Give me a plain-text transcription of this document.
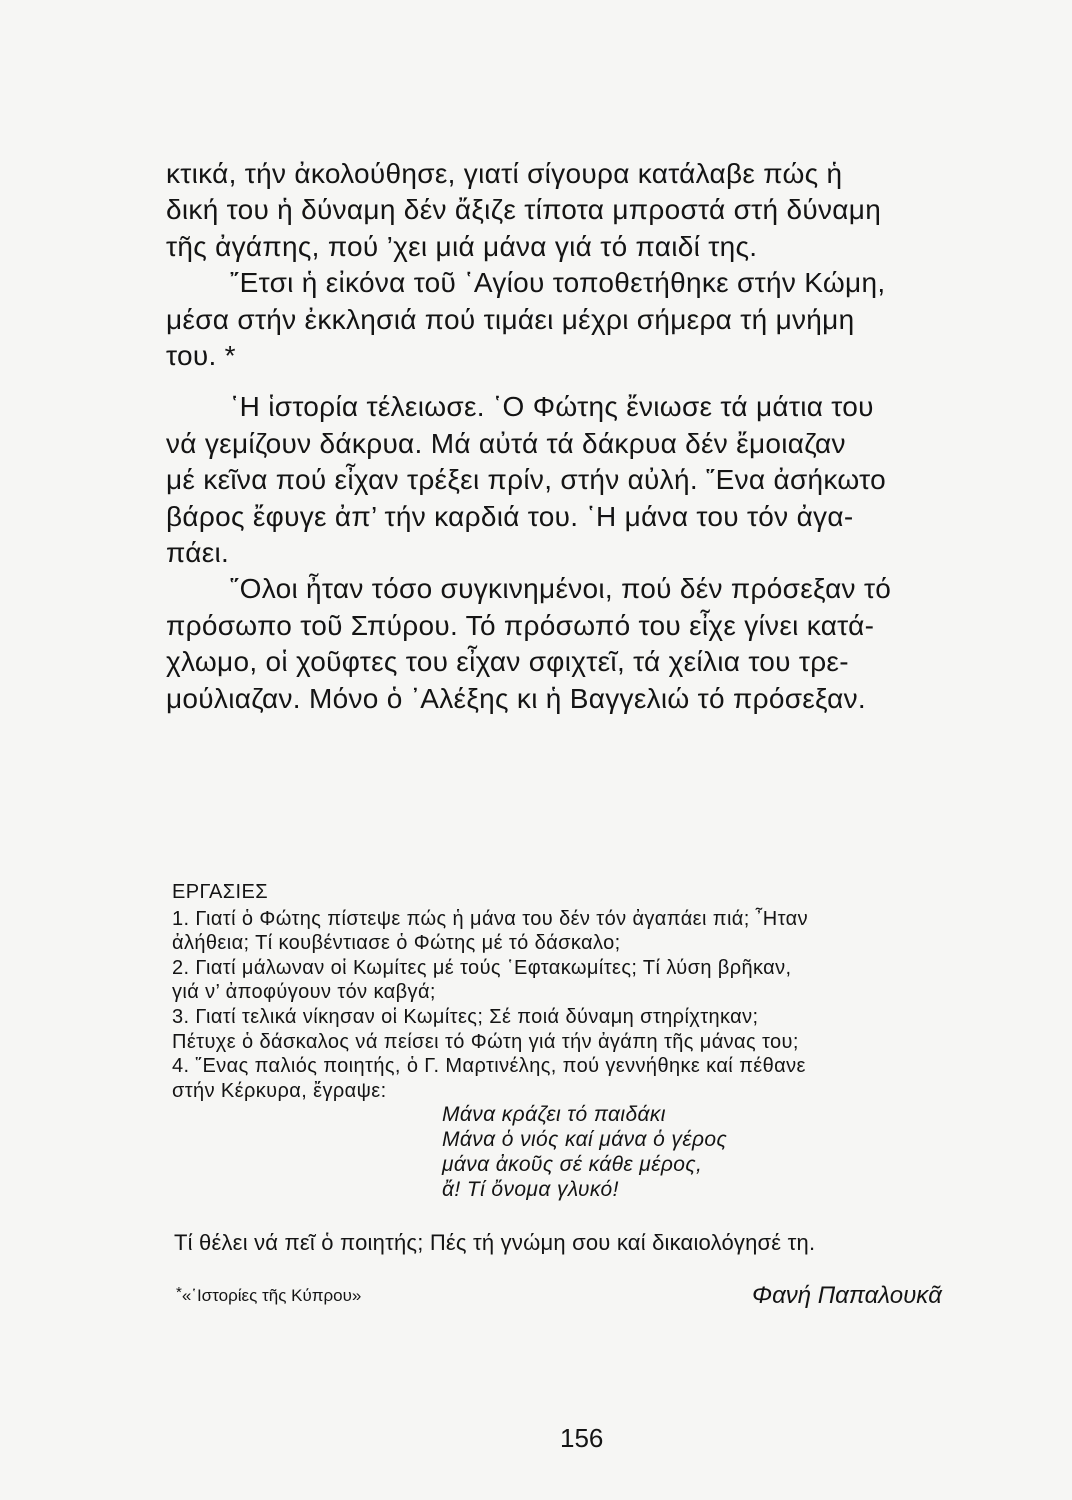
κτικά, τήν ἀκολούθησε, γιατί σίγουρα κατάλαβε πώς ἡ
δική του ἡ δύναμη δέν ἄξιζε τίποτα μπροστά στή δύναμη
τῆς ἀγάπης, πού ’χει μιά μάνα γιά τό παιδί της.
῎Ετσι ἡ εἰκόνα τοῦ ῾Αγίου τοποθετήθηκε στήν Κώμη,
μέσα στήν ἐκκλησιά πού τιμάει μέχρι σήμερα τή μνήμη
του. *
῾Η ἱστορία τέλειωσε. ῾Ο Φώτης ἔνιωσε τά μάτια του
νά γεμίζουν δάκρυα. Μά αὐτά τά δάκρυα δέν ἔμοιαζαν
μέ κεῖνα πού εἶχαν τρέξει πρίν, στήν αὐλή. ῞Ενα ἀσήκωτο
βάρος ἔφυγε ἀπ’ τήν καρδιά του. ῾Η μάνα του τόν ἀγα-
πάει.
῞Ολοι ἦταν τόσο συγκινημένοι, πού δέν πρόσεξαν τό
πρόσωπο τοῦ Σπύρου. Τό πρόσωπό του εἶχε γίνει κατά-
χλωμο, οἱ χοῦφτες του εἶχαν σφιχτεῖ, τά χείλια του τρε-
μούλιαζαν. Μόνο ὁ ᾿Αλέξης κι ἡ Βαγγελιώ τό πρόσεξαν.
ΕΡΓΑΣΙΕΣ
1. Γιατί ὁ Φώτης πίστεψε πώς ἡ μάνα του δέν τόν ἀγαπάει πιά; ῏Ηταν
ἀλήθεια; Τί κουβέντιασε ὁ Φώτης μέ τό δάσκαλο;
2. Γιατί μάλωναν οἱ Κωμίτες μέ τούς ῾Εφτακωμίτες; Τί λύση βρῆκαν,
γιά ν’ ἀποφύγουν τόν καβγά;
3. Γιατί τελικά νίκησαν οἱ Κωμίτες; Σέ ποιά δύναμη στηρίχτηκαν;
Πέτυχε ὁ δάσκαλος νά πείσει τό Φώτη γιά τήν ἀγάπη τῆς μάνας του;
4. ῞Ενας παλιός ποιητής, ὁ Γ. Μαρτινέλης, πού γεννήθηκε καί πέθανε
στήν Κέρκυρα, ἔγραψε:
Μάνα κράζει τό παιδάκι
Μάνα ὁ νιός καί μάνα ὁ γέρος
μάνα ἀκοῦς σέ κάθε μέρος,
ἄ! Τί ὄνομα γλυκό!
Τί θέλει νά πεῖ ὁ ποιητής; Πές τή γνώμη σου καί δικαιολόγησέ τη.
*«῾Ιστορίες τῆς Κύπρου»	Φανή Παπαλουκᾶ
156
